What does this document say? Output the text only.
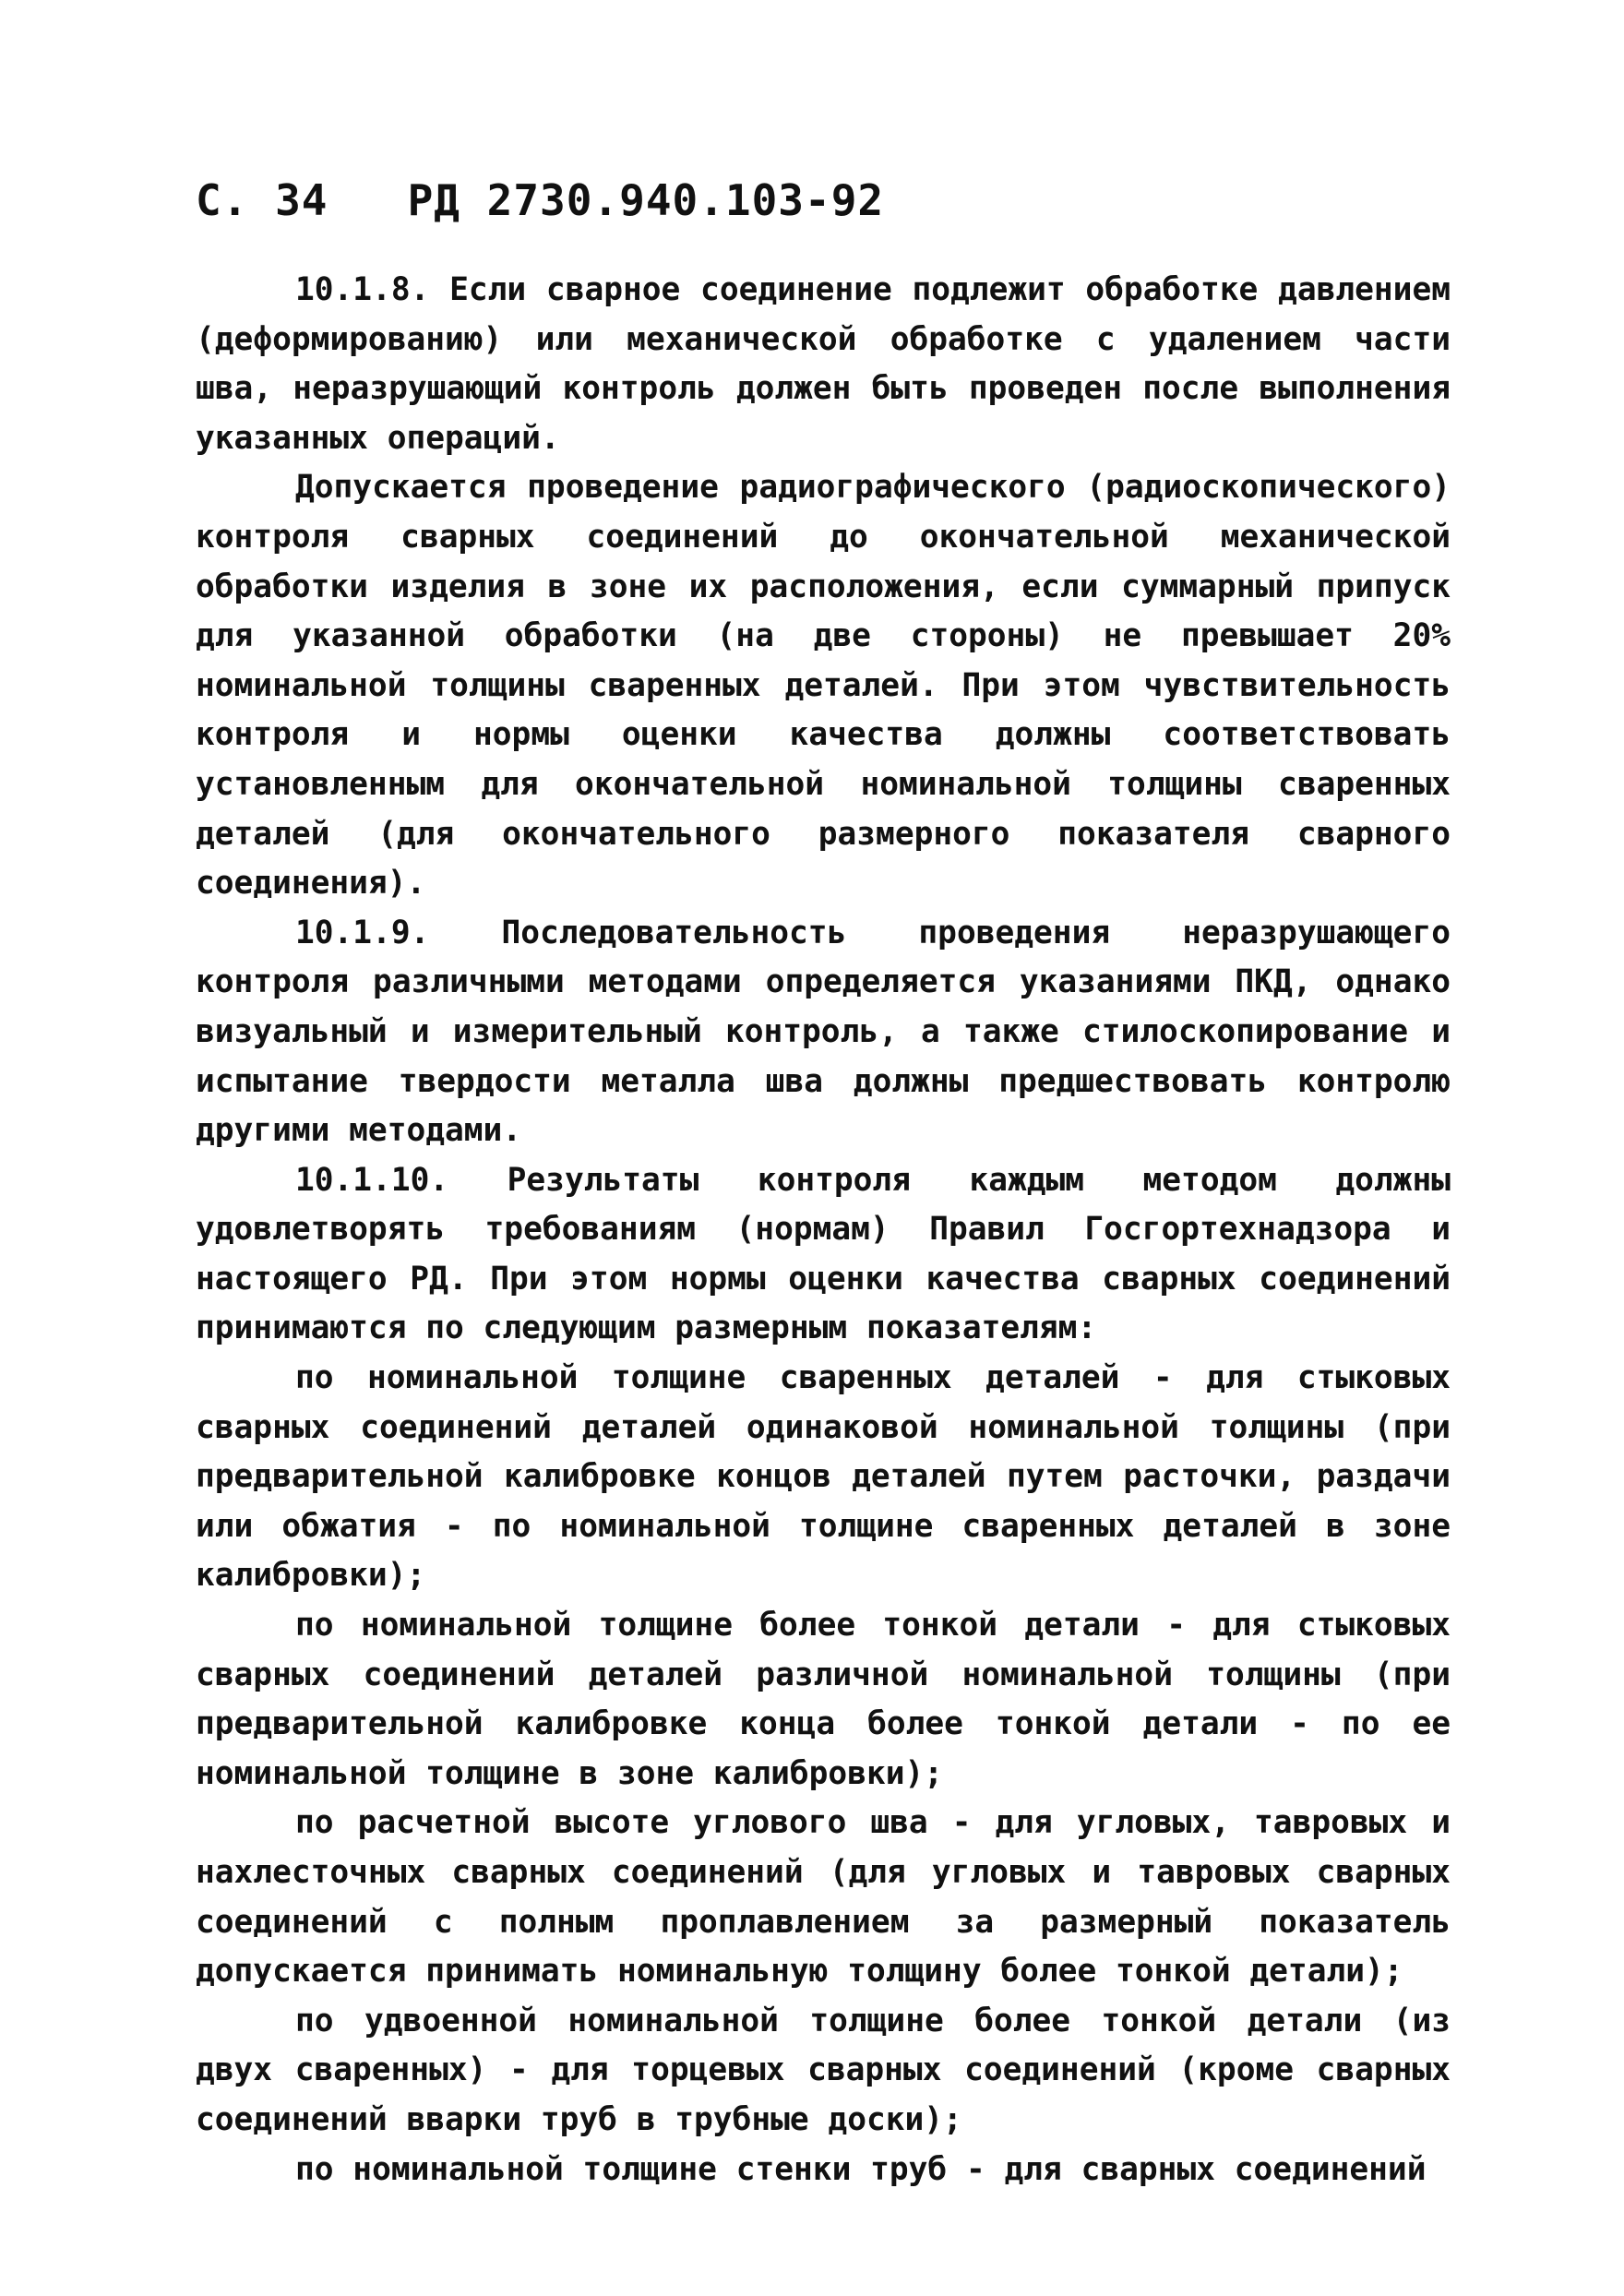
С. 34 РД 2730.940.103-92

10.1.8. Если сварное соединение подлежит обработке давлением (деформированию) или механической обработке с удалением части шва, неразрушающий контроль должен быть проведен после выполнения указанных операций.

Допускается проведение радиографического (радиоскопического) контроля сварных соединений до окончательной механической обработки изделия в зоне их расположения, если суммарный припуск для указанной обработки (на две стороны) не превышает 20% номинальной толщины сваренных деталей. При этом чувствительность контроля и нормы оценки качества должны соответствовать установленным для окончательной номинальной толщины сваренных деталей (для окончательного размерного показателя сварного соединения).

10.1.9. Последовательность проведения неразрушающего контроля различными методами определяется указаниями ПКД, однако визуальный и измерительный контроль, а также стилоскопирование и испытание твердости металла шва должны предшествовать контролю другими методами.

10.1.10. Результаты контроля каждым методом должны удовлетворять требованиям (нормам) Правил Госгортехнадзора и настоящего РД. При этом нормы оценки качества сварных соединений принимаются по следующим размерным показателям:

по номинальной толщине сваренных деталей - для стыковых сварных соединений деталей одинаковой номинальной толщины (при предварительной калибровке концов деталей путем расточки, раздачи или обжатия - по номинальной толщине сваренных деталей в зоне калибровки);

по номинальной толщине более тонкой детали - для стыковых сварных соединений деталей различной номинальной толщины (при предварительной калибровке конца более тонкой детали - по ее номинальной толщине в зоне калибровки);

по расчетной высоте углового шва - для угловых, тавровых и нахлесточных сварных соединений (для угловых и тавровых сварных соединений с полным проплавлением за размерный показатель допускается принимать номинальную толщину более тонкой детали);

по удвоенной номинальной толщине более тонкой детали (из двух сваренных) - для торцевых сварных соединений (кроме сварных соединений вварки труб в трубные доски);

по номинальной толщине стенки труб - для сварных соединений
